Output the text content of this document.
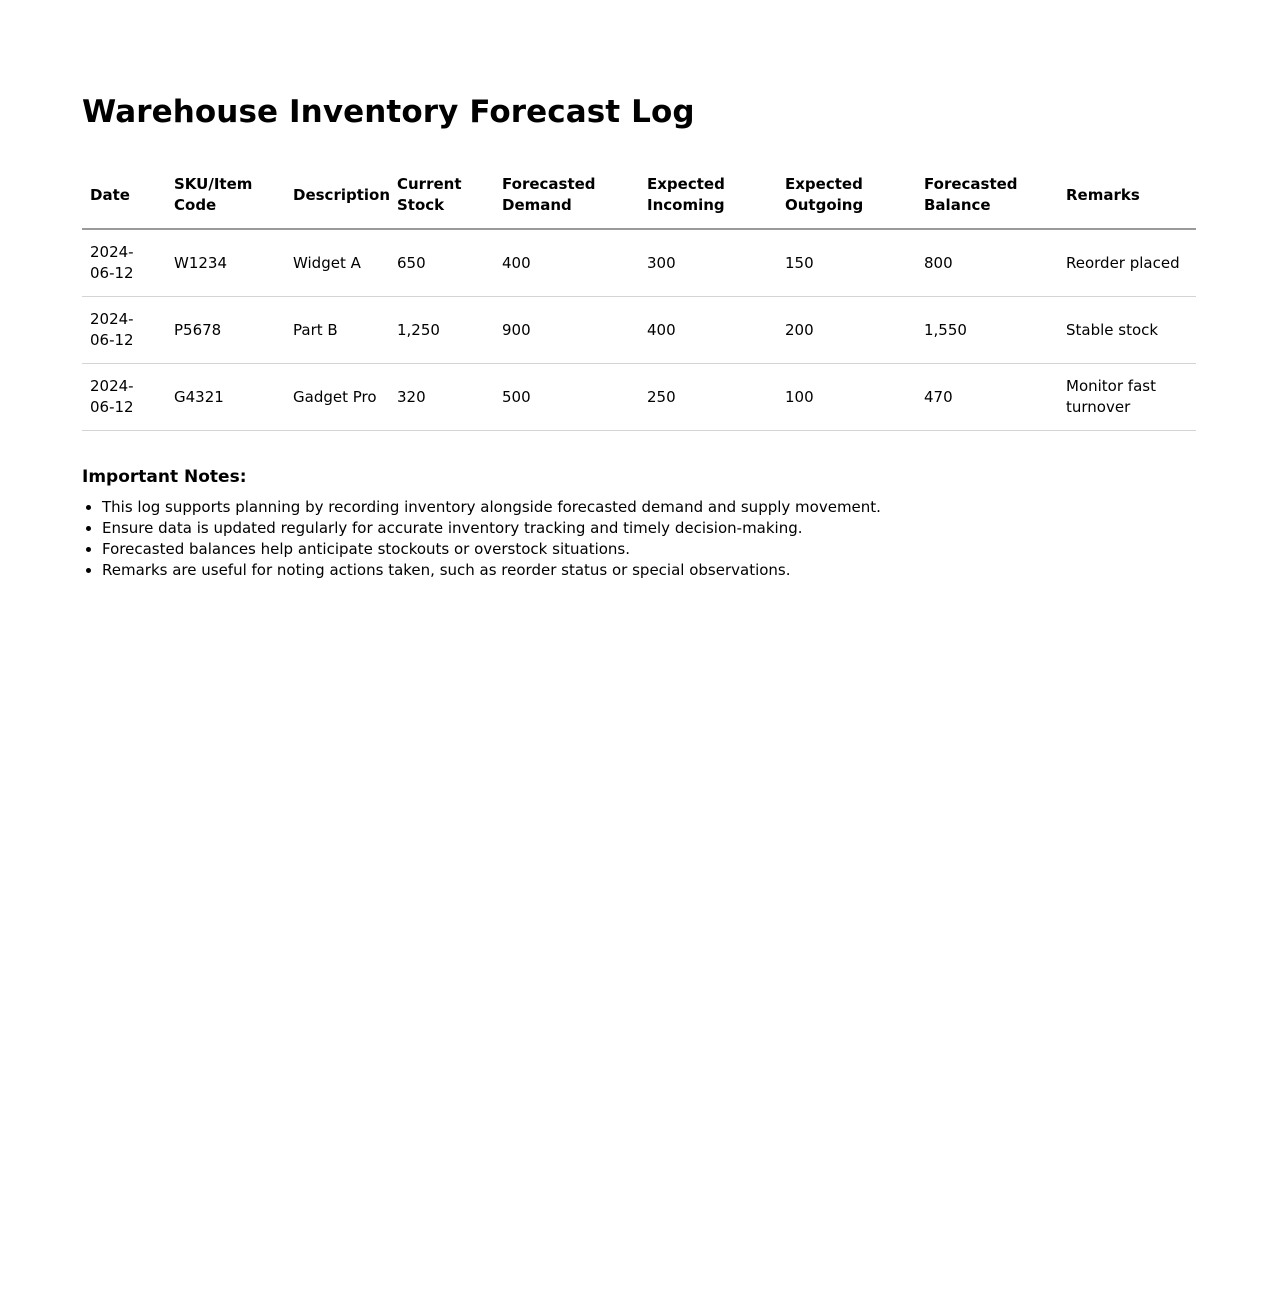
Warehouse Inventory Forecast Log
Date	SKU/Item Code	Description	Current Stock	Forecasted Demand	Expected Incoming	Expected Outgoing	Forecasted Balance	Remarks
2024-06-12	W1234	Widget A	650	400	300	150	800	Reorder placed
2024-06-12	P5678	Part B	1,250	900	400	200	1,550	Stable stock
2024-06-12	G4321	Gadget Pro	320	500	250	100	470	Monitor fast turnover
Important Notes:
• This log supports planning by recording inventory alongside forecasted demand and supply movement.
• Ensure data is updated regularly for accurate inventory tracking and timely decision-making.
• Forecasted balances help anticipate stockouts or overstock situations.
• Remarks are useful for noting actions taken, such as reorder status or special observations.
